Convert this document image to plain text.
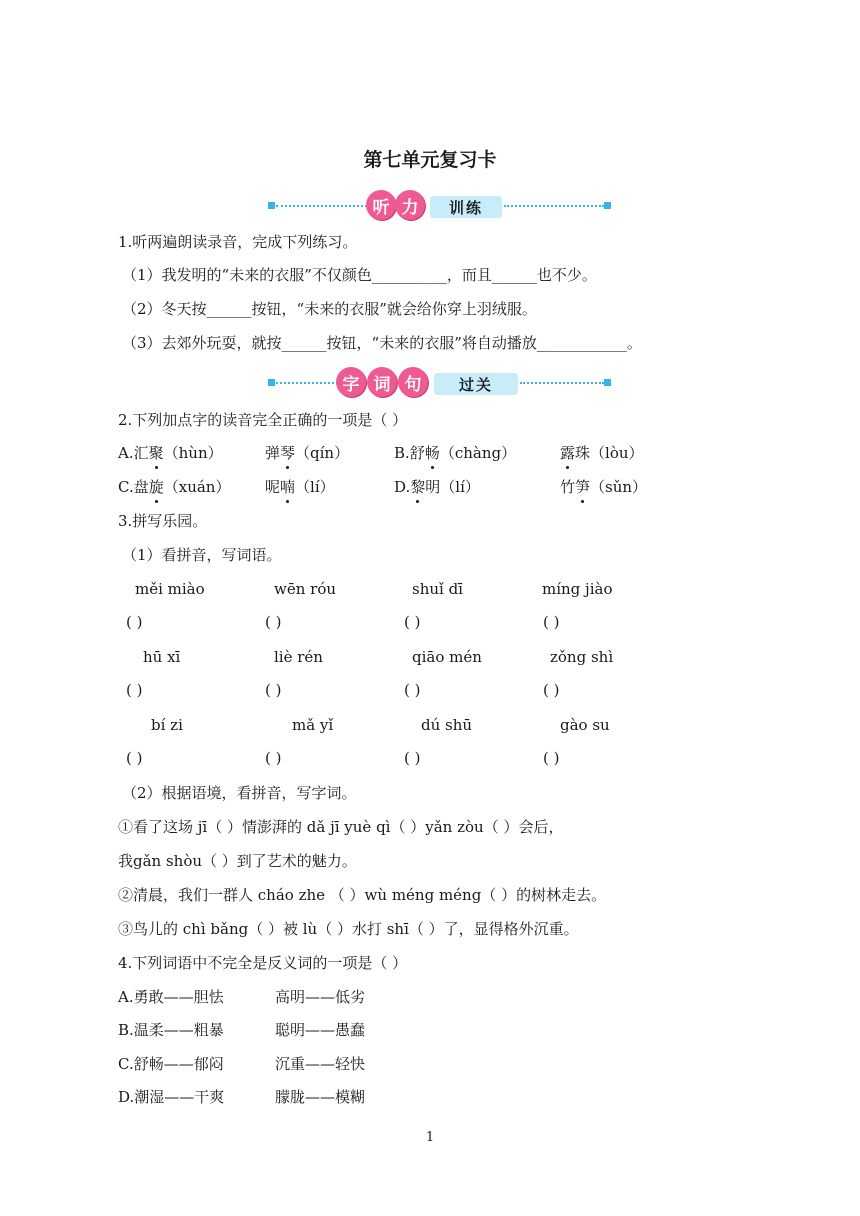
第七单元复习卡
听 力	训练
1.听两遍朗读录音，完成下列练习。
（1）我发明的“未来的衣服”不仅颜色__________，而且______也不少。
（2）冬天按______按钮，“未来的衣服”就会给你穿上羽绒服。
（3）去郊外玩耍，就按______按钮，“未来的衣服”将自动播放____________。
字 词 句	过关
2.下列加点字的读音完全正确的一项是（ ）
A.汇聚（hùn）	弹琴（qín）	B.舒畅（chàng）	露珠（lòu）
C.盘旋（xuán） 呢喃（lí）	D.黎明（lí）	竹笋（sǔn）
3.拼写乐园。
（1）看拼音，写词语。
měi miào	wēn róu	shuǐ dī	míng jiào
( )	( )	( )	( )
hū xī	liè rén	qiāo mén	zǒng shì
( )	( )	( )	( )
bí zi	mǎ yǐ	dú shū	gào su
( )	( )	( )	( )
（2）根据语境，看拼音，写字词。
①看了这场 jī（ ）情澎湃的 dǎ jī yuè qì（ ）yǎn zòu（ ）会后，
我gǎn shòu（ ）到了艺术的魅力。
②清晨，我们一群人 cháo zhe （ ）wù méng méng（ ）的树林走去。
③鸟儿的 chì bǎng（ ）被 lù（ ）水打 shī（ ）了，显得格外沉重。
4.下列词语中不完全是反义词的一项是（ ）
A.勇敢——胆怯	高明——低劣
B.温柔——粗暴	聪明——愚蠢
C.舒畅——郁闷	沉重——轻快
D.潮湿——干爽	朦胧——模糊
1
